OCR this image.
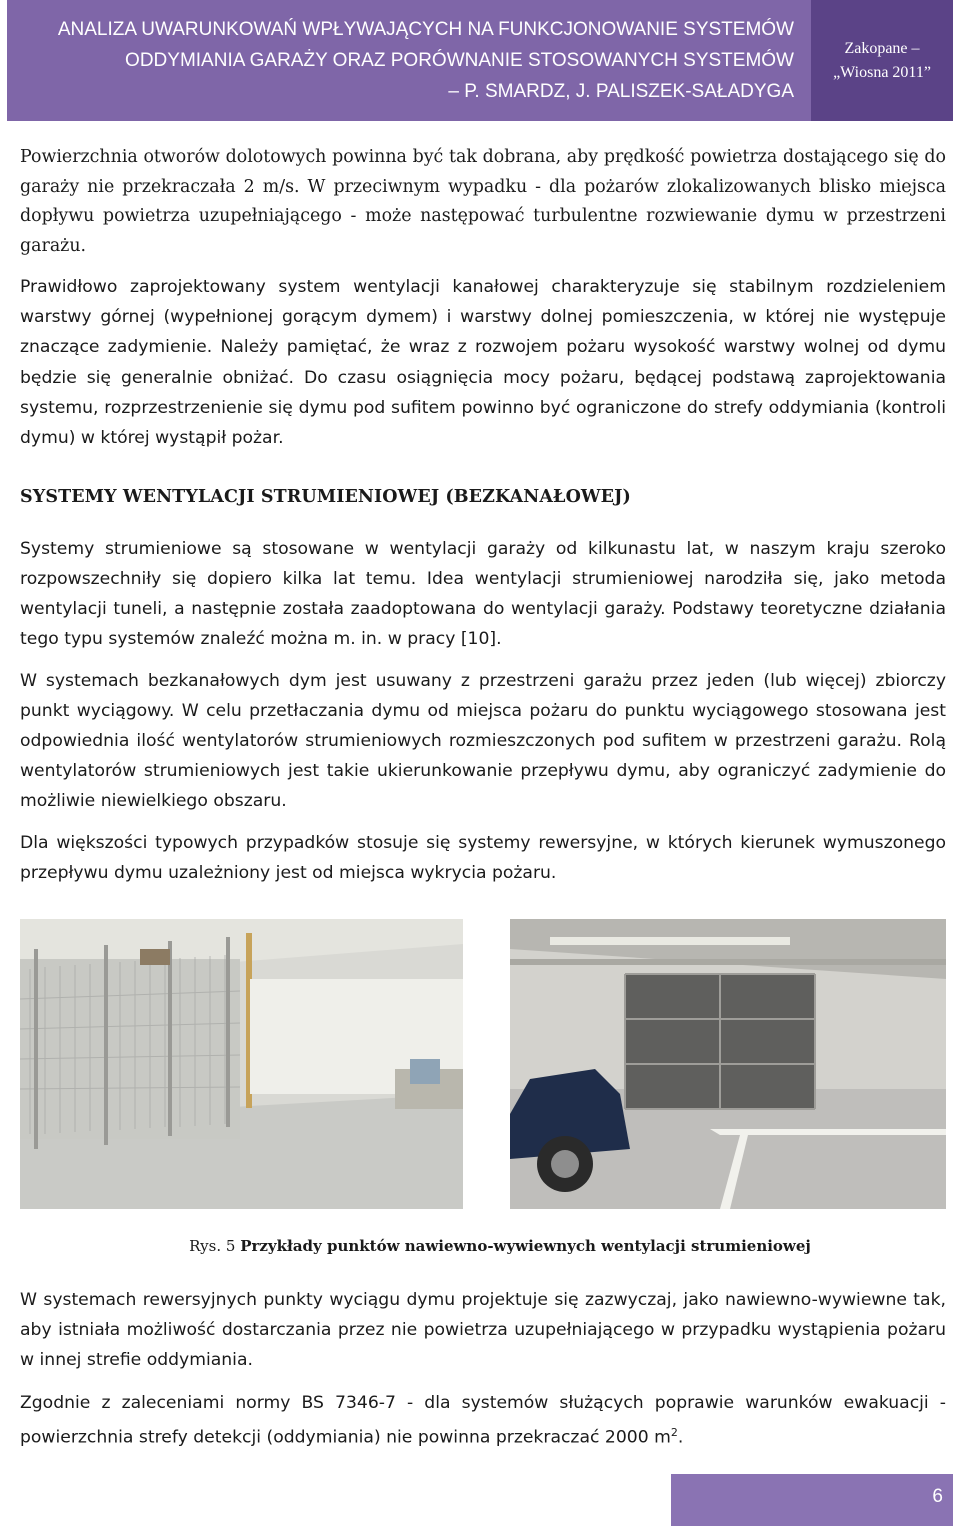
ANALIZA UWARUNKOWAŃ WPŁYWAJĄCYCH NA FUNKCJONOWANIE SYSTEMÓW
ODDYMIANIA GARAŻY ORAZ PORÓWNANIE STOSOWANYCH SYSTEMÓW
– P. SMARDZ, J. PALISZEK-SAŁADYGA
Zakopane –
„Wiosna 2011”

Powierzchnia otworów dolotowych powinna być tak dobrana, aby prędkość powietrza dostającego się do garaży nie przekraczała 2 m/s. W przeciwnym wypadku - dla pożarów zlokalizowanych blisko miejsca dopływu powietrza uzupełniającego - może następować turbulentne rozwiewanie dymu w przestrzeni garażu.

Prawidłowo zaprojektowany system wentylacji kanałowej charakteryzuje się stabilnym rozdzieleniem warstwy górnej (wypełnionej gorącym dymem) i warstwy dolnej pomieszczenia, w której nie występuje znaczące zadymienie. Należy pamiętać, że wraz z rozwojem pożaru wysokość warstwy wolnej od dymu będzie się generalnie obniżać. Do czasu osiągnięcia mocy pożaru, będącej podstawą zaprojektowania systemu, rozprzestrzenienie się dymu pod sufitem powinno być ograniczone do strefy oddymiania (kontroli dymu) w której wystąpił pożar.

SYSTEMY WENTYLACJI STRUMIENIOWEJ (BEZKANAŁOWEJ)

Systemy strumieniowe są stosowane w wentylacji garaży od kilkunastu lat, w naszym kraju szeroko rozpowszechniły się dopiero kilka lat temu. Idea wentylacji strumieniowej narodziła się, jako metoda wentylacji tuneli, a następnie została zaadoptowana do wentylacji garaży. Podstawy teoretyczne działania tego typu systemów znaleźć można m. in. w pracy [10].

W systemach bezkanałowych dym jest usuwany z przestrzeni garażu przez jeden (lub więcej) zbiorczy punkt wyciągowy. W celu przetłaczania dymu od miejsca pożaru do punktu wyciągowego stosowana jest odpowiednia ilość wentylatorów strumieniowych rozmieszczonych pod sufitem w przestrzeni garażu. Rolą wentylatorów strumieniowych jest takie ukierunkowanie przepływu dymu, aby ograniczyć zadymienie do możliwie niewielkiego obszaru.

Dla większości typowych przypadków stosuje się systemy rewersyjne, w których kierunek wymuszonego przepływu dymu uzależniony jest od miejsca wykrycia pożaru.

Rys. 5 Przykłady punktów nawiewno-wywiewnych wentylacji strumieniowej

W systemach rewersyjnych punkty wyciągu dymu projektuje się zazwyczaj, jako nawiewno-wywiewne tak, aby istniała możliwość dostarczania przez nie powietrza uzupełniającego w przypadku wystąpienia pożaru w innej strefie oddymiania.

Zgodnie z zaleceniami normy BS 7346-7 - dla systemów służących poprawie warunków ewakuacji - powierzchnia strefy detekcji (oddymiania) nie powinna przekraczać 2000 $m^2$.

6
